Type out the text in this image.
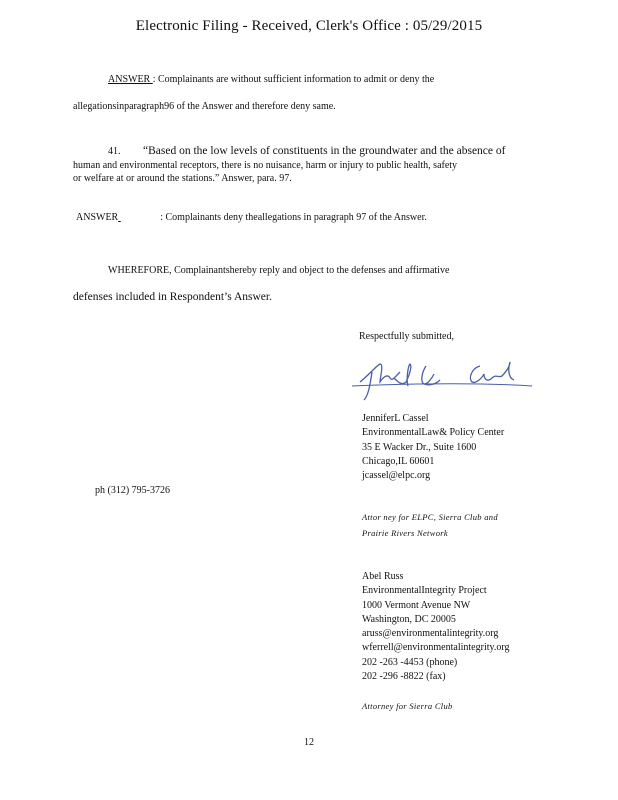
Electronic Filing - Received, Clerk's Office : 05/29/2015
ANSWER : Complainants are without sufficient information to admit or deny the
allegationsinparagraph96 of the Answer and therefore deny same.
41. “Based on the low levels of constituents in the groundwater and the absence of
human and environmental receptors, there is no nuisance, harm or injury to public health, safety
or welfare at or around the stations.” Answer, para. 97.
ANSWER	: Complainants deny theallegations in paragraph 97 of the Answer.
WHEREFORE, Complainantshereby reply and object to the defenses and affirmative
defenses included in Respondent’s Answer.
Respectfully submitted,
JenniferL Cassel
EnvironmentalLaw& Policy Center
35 E Wacker Dr., Suite 1600
Chicago,IL 60601
jcassel@elpc.org
ph (312) 795-3726
Attor ney for ELPC, Sierra Club and
Prairie Rivers Network
Abel Russ
EnvironmentalIntegrity Project
1000 Vermont Avenue NW
Washington, DC 20005
aruss@environmentalintegrity.org
wferrell@environmentalintegrity.org
202 -263 -4453 (phone)
202 -296 -8822 (fax)
Attorney for Sierra Club
12
